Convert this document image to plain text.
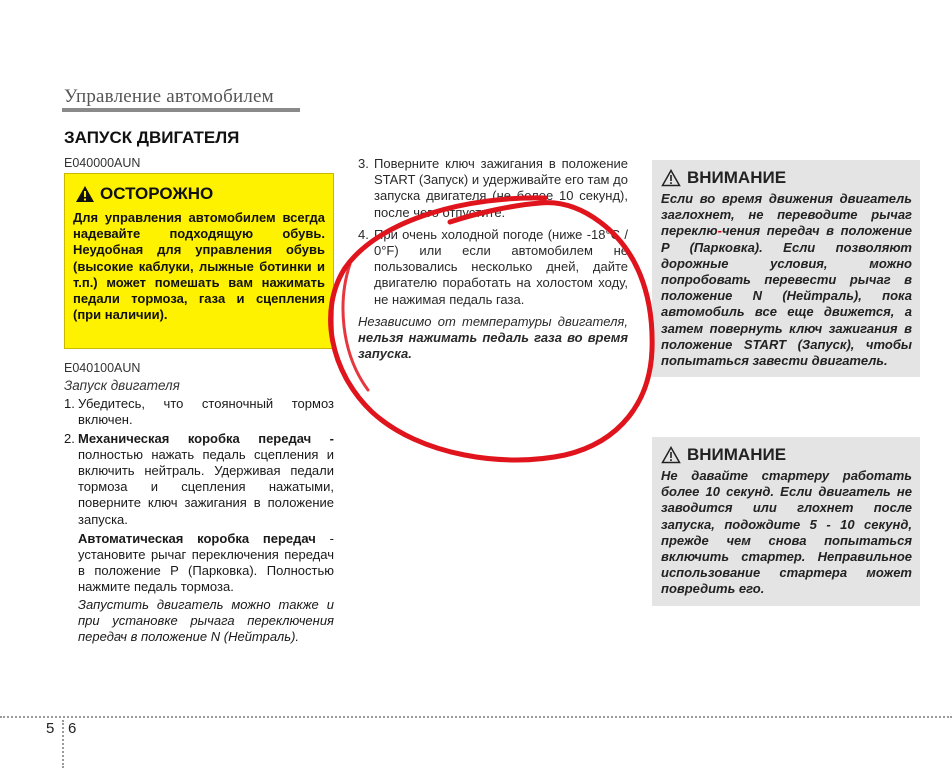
Управление автомобилем
ЗАПУСК ДВИГАТЕЛЯ
E040000AUN
ОСТОРОЖНО
Для управления автомобилем всегда надевайте подходящую обувь. Неудобная для управления обувь (высокие каблуки, лыжные ботинки и т.п.) может помешать вам нажимать педали тормоза, газа и сцепления (при наличии).
E040100AUN
Запуск двигателя
1. Убедитесь, что стояночный тормоз включен.
2. Механическая коробка передач - полностью нажать педаль сцепления и включить нейтраль. Удерживая педали тормоза и сцепления нажатыми, поверните ключ зажигания в положение запуска.
Автоматическая коробка передач - установите рычаг переключения передач в положение P (Парковка). Полностью нажмите педаль тормоза.
Запустить двигатель можно также и при установке рычага переключения передач в положение N (Нейтраль).
3. Поверните ключ зажигания в положение START (Запуск) и удерживайте его там до запуска двигателя (не более 10 секунд), после чего отпустите.
4. При очень холодной погоде (ниже -18°C / 0°F) или если автомобилем не пользовались несколько дней, дайте двигателю поработать на холостом ходу, не нажимая педаль газа.
Независимо от температуры двигателя, нельзя нажимать педаль газа во время запуска.
ВНИМАНИЕ
Если во время движения двигатель заглохнет, не переводите рычаг переклю-чения передач в положение P (Парковка). Если позволяют дорожные условия, можно попробовать перевести рычаг в положение N (Нейтраль), пока автомобиль все еще движется, а затем повернуть ключ зажигания в положение START (Запуск), чтобы попытаться завести двигатель.
ВНИМАНИЕ
Не давайте стартеру работать более 10 секунд. Если двигатель не заводится или глохнет после запуска, подождите 5 - 10 секунд, прежде чем снова попытаться включить стартер. Неправильное использование стартера может повредить его.
5 6
